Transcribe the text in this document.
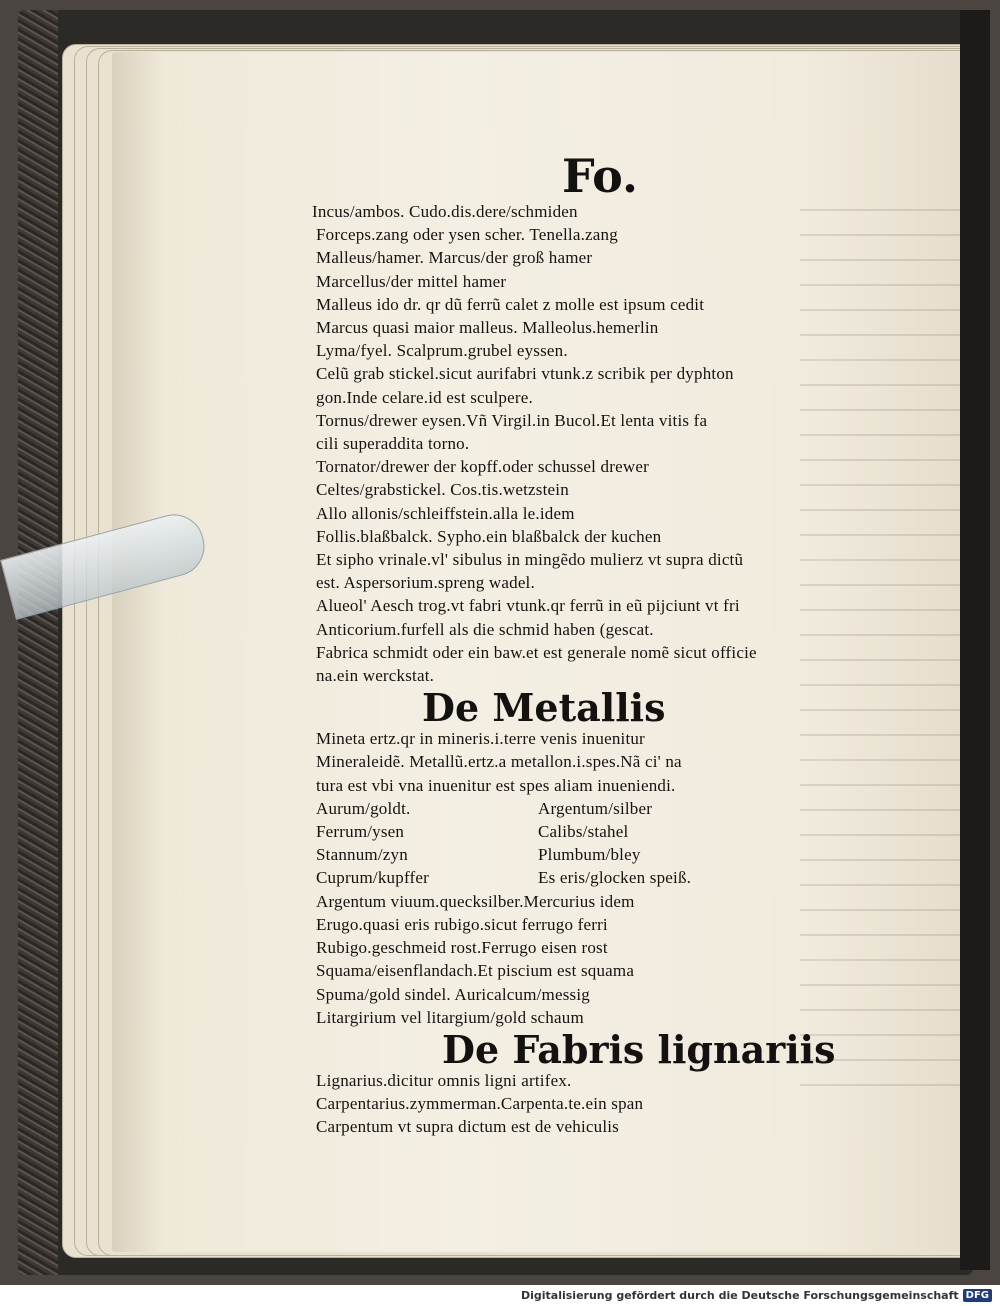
Fo.

Incus/ambos. Cudo.dis.dere/schmiden

Forceps.zang oder ysen scher. Tenella.zang

Malleus/hamer. Marcus/der groß hamer

Marcellus/der mittel hamer

Malleus ido dr. qr dũ ferrũ calet z molle est ipsum cedit

Marcus quasi maior malleus. Malleolus.hemerlin

Lyma/fyel. Scalprum.grubel eyssen.

Celũ grab stickel.sicut aurifabri vtunk.z scribik per dyphton

gon.Inde celare.id est sculpere.

Tornus/drewer eysen.Vñ Virgil.in Bucol.Et lenta vitis fa

cili superaddita torno.

Tornator/drewer der kopff.oder schussel drewer

Celtes/grabstickel. Cos.tis.wetzstein

Allo allonis/schleiffstein.alla le.idem

Follis.blaßbalck. Sypho.ein blaßbalck der kuchen

Et sipho vrinale.vl' sibulus in mingẽdo mulierz vt supra dictũ

est. Aspersorium.spreng wadel.

Alueol' Aesch trog.vt fabri vtunk.qr ferrũ in eũ pijciunt vt fri

Anticorium.furfell als die schmid haben (gescat.

Fabrica schmidt oder ein baw.et est generale nomẽ sicut officie

na.ein werckstat.

De Metallis

Mineta ertz.qr in mineris.i.terre venis inuenitur

Mineraleidẽ. Metallũ.ertz.a metallon.i.spes.Nã ci' na

tura est vbi vna inuenitur est spes aliam inueniendi.

Aurum/goldt.	Argentum/silber

Ferrum/ysen	Calibs/stahel

Stannum/zyn	Plumbum/bley

Cuprum/kupffer	Es eris/glocken speiß.

Argentum viuum.quecksilber.Mercurius idem

Erugo.quasi eris rubigo.sicut ferrugo ferri

Rubigo.geschmeid rost.Ferrugo eisen rost

Squama/eisenflandach.Et piscium est squama

Spuma/gold sindel. Auricalcum/messig

Litargirium vel litargium/gold schaum

De Fabris lignariis

Lignarius.dicitur omnis ligni artifex.

Carpentarius.zymmerman.Carpenta.te.ein span

Carpentum vt supra dictum est de vehiculis

Digitalisierung gefördert durch die Deutsche Forschungsgemeinschaft DFG
